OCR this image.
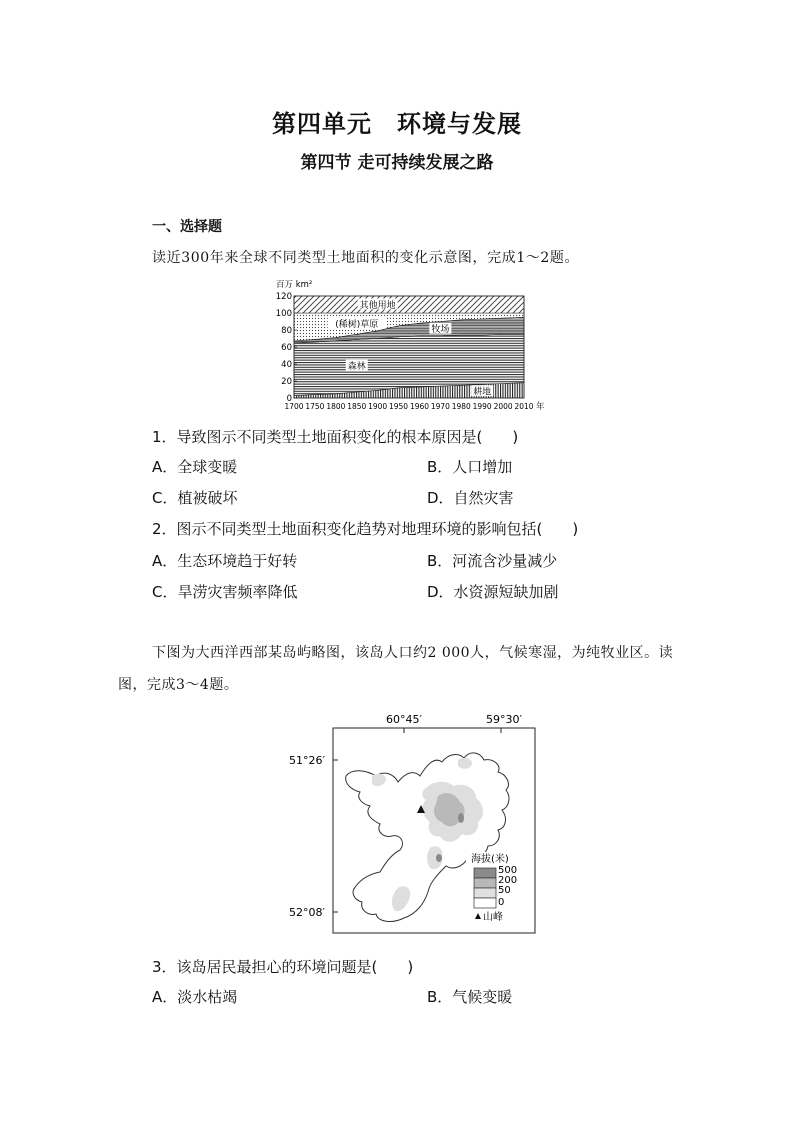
第四单元　环境与发展
第四节 走可持续发展之路
一、选择题
读近300年来全球不同类型土地面积的变化示意图，完成1～2题。
120
100
80
60
40
20
0
1700 1750 1800 1850 1900 1950 1960 1970 1980 1990 2000 2010 年
百万 km²
耕地
森林
牧场
(稀树)草原
其他用地
1．导致图示不同类型土地面积变化的根本原因是(　　)
A．全球变暖	B．人口增加
C．植被破坏	D．自然灾害
2．图示不同类型土地面积变化趋势对地理环境的影响包括(　　)
A．生态环境趋于好转	B．河流含沙量减少
C．旱涝灾害频率降低	D．水资源短缺加剧
下图为大西洋西部某岛屿略图，该岛人口约2 000人，气候寒湿，为纯牧业区。读图，完成3～4题。
60°45′	59°30′
51°26′
52°08′
海拔(米)
500
200
50
0
山峰
3．该岛居民最担心的环境问题是(　　)
A．淡水枯竭	B．气候变暖
